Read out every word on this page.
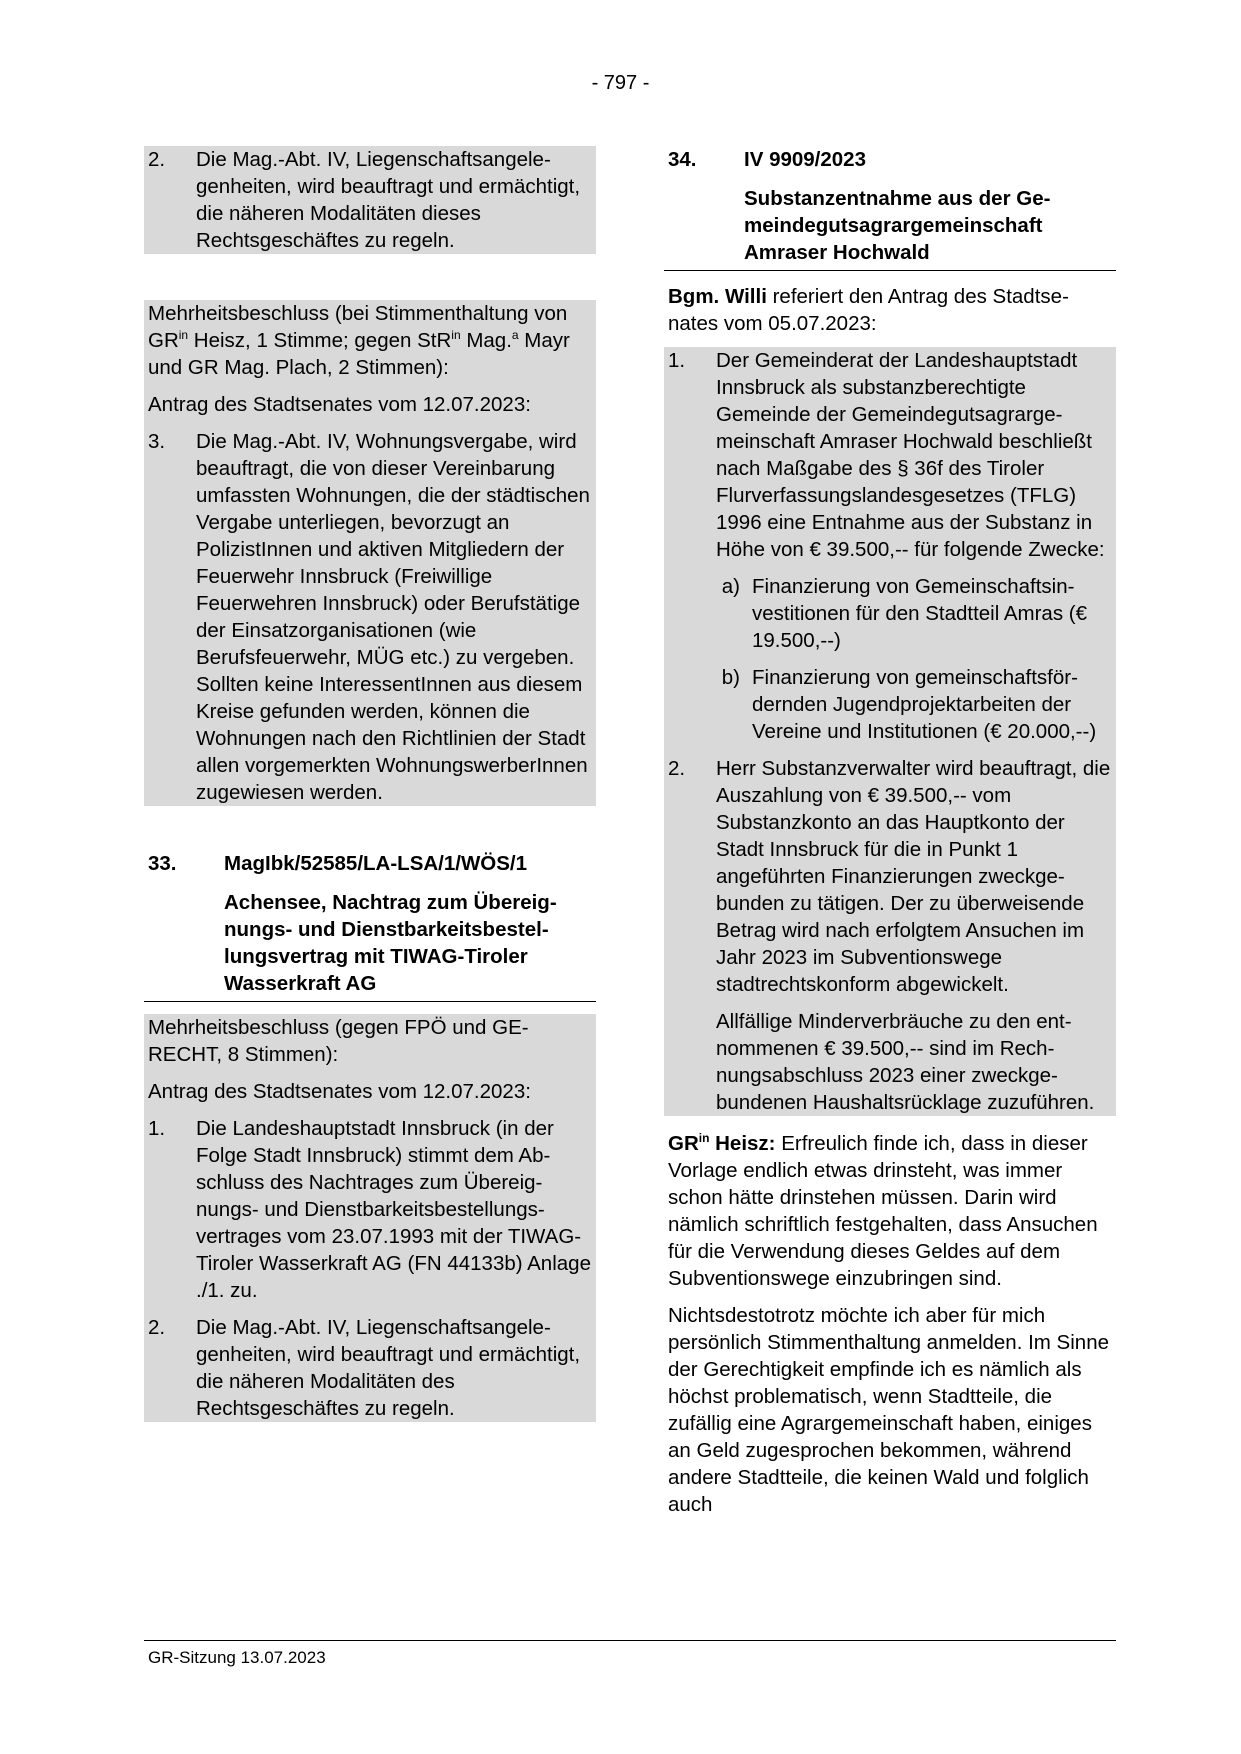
- 797 -
2.	Die Mag.-Abt. IV, Liegenschaftsangelegenheiten, wird beauftragt und ermächtigt, die näheren Modalitäten dieses Rechtsgeschäftes zu regeln.
Mehrheitsbeschluss (bei Stimmenthaltung von $GR^{in}$ Heisz, 1 Stimme; gegen StR$^{in}$ Mag.$^a$ Mayr und GR Mag. Plach, 2 Stimmen):
Antrag des Stadtsenates vom 12.07.2023:
3.	Die Mag.-Abt. IV, Wohnungsvergabe, wird beauftragt, die von dieser Vereinbarung umfassten Wohnungen, die der städtischen Vergabe unterliegen, bevorzugt an PolizistInnen und aktiven Mitgliedern der Feuerwehr Innsbruck (Freiwillige Feuerwehren Innsbruck) oder Berufstätige der Einsatzorganisationen (wie Berufsfeuerwehr, MÜG etc.) zu vergeben. Sollten keine InteressentInnen aus diesem Kreise gefunden werden, können die Wohnungen nach den Richtlinien der Stadt allen vorgemerkten WohnungswerberInnen zugewiesen werden.
33.	MagIbk/52585/LA-LSA/1/WÖS/1
Achensee, Nachtrag zum Übereignungs- und Dienstbarkeitsbestellungsvertrag mit TIWAG-Tiroler Wasserkraft AG
Mehrheitsbeschluss (gegen FPÖ und GERECHT, 8 Stimmen):
Antrag des Stadtsenates vom 12.07.2023:
1.	Die Landeshauptstadt Innsbruck (in der Folge Stadt Innsbruck) stimmt dem Abschluss des Nachtrages zum Übereignungs- und Dienstbarkeitsbestellungsvertrages vom 23.07.1993 mit der TIWAG-Tiroler Wasserkraft AG (FN 44133b) Anlage ./1. zu.
2.	Die Mag.-Abt. IV, Liegenschaftsangelegenheiten, wird beauftragt und ermächtigt, die näheren Modalitäten des Rechtsgeschäftes zu regeln.
34.	IV 9909/2023
Substanzentnahme aus der Gemeindegutsagrargemeinschaft Amraser Hochwald
Bgm. Willi referiert den Antrag des Stadtsenates vom 05.07.2023:
1.	Der Gemeinderat der Landeshauptstadt Innsbruck als substanzberechtigte Gemeinde der Gemeindegutsagrargemeinschaft Amraser Hochwald beschließt nach Maßgabe des § 36f des Tiroler Flurverfassungslandesgesetzes (TFLG) 1996 eine Entnahme aus der Substanz in Höhe von € 39.500,-- für folgende Zwecke:
a) Finanzierung von Gemeinschaftsinvestitionen für den Stadtteil Amras (€ 19.500,--)
b) Finanzierung von gemeinschaftsfördernden Jugendprojektarbeiten der Vereine und Institutionen (€ 20.000,--)
2.	Herr Substanzverwalter wird beauftragt, die Auszahlung von € 39.500,-- vom Substanzkonto an das Hauptkonto der Stadt Innsbruck für die in Punkt 1 angeführten Finanzierungen zweckgebunden zu tätigen. Der zu überweisende Betrag wird nach erfolgtem Ansuchen im Jahr 2023 im Subventionswege stadtrechtskonform abgewickelt.
Allfällige Minderverbräuche zu den entnommenen € 39.500,-- sind im Rechnungsabschluss 2023 einer zweckgebundenen Haushaltsrücklage zuzuführen.
$GR^{in}$ Heisz: Erfreulich finde ich, dass in dieser Vorlage endlich etwas drinsteht, was immer schon hätte drinstehen müssen. Darin wird nämlich schriftlich festgehalten, dass Ansuchen für die Verwendung dieses Geldes auf dem Subventionswege einzubringen sind.
Nichtsdestotrotz möchte ich aber für mich persönlich Stimmenthaltung anmelden. Im Sinne der Gerechtigkeit empfinde ich es nämlich als höchst problematisch, wenn Stadtteile, die zufällig eine Agrargemeinschaft haben, einiges an Geld zugesprochen bekommen, während andere Stadtteile, die keinen Wald und folglich auch
GR-Sitzung 13.07.2023
